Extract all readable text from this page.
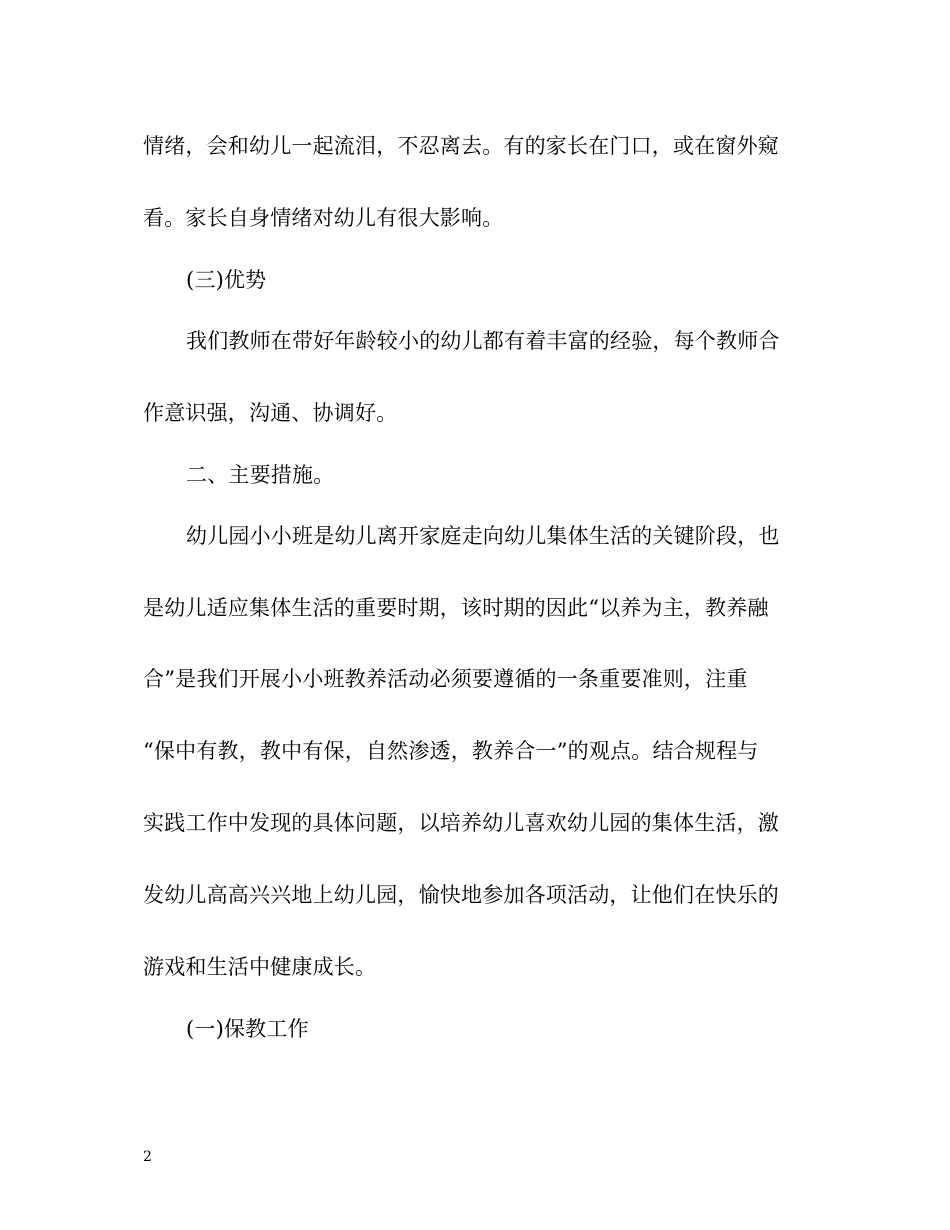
情绪，会和幼儿一起流泪，不忍离去。有的家长在门口，或在窗外窥
看。家长自身情绪对幼儿有很大影响。
(三)优势
我们教师在带好年龄较小的幼儿都有着丰富的经验，每个教师合
作意识强，沟通、协调好。
二、主要措施。
幼儿园小小班是幼儿离开家庭走向幼儿集体生活的关键阶段，也
是幼儿适应集体生活的重要时期，该时期的因此“以养为主，教养融
合”是我们开展小小班教养活动必须要遵循的一条重要准则，注重
“保中有教，教中有保，自然渗透，教养合一”的观点。结合规程与
实践工作中发现的具体问题，以培养幼儿喜欢幼儿园的集体生活，激
发幼儿高高兴兴地上幼儿园，愉快地参加各项活动，让他们在快乐的
游戏和生活中健康成长。
(一)保教工作
2
